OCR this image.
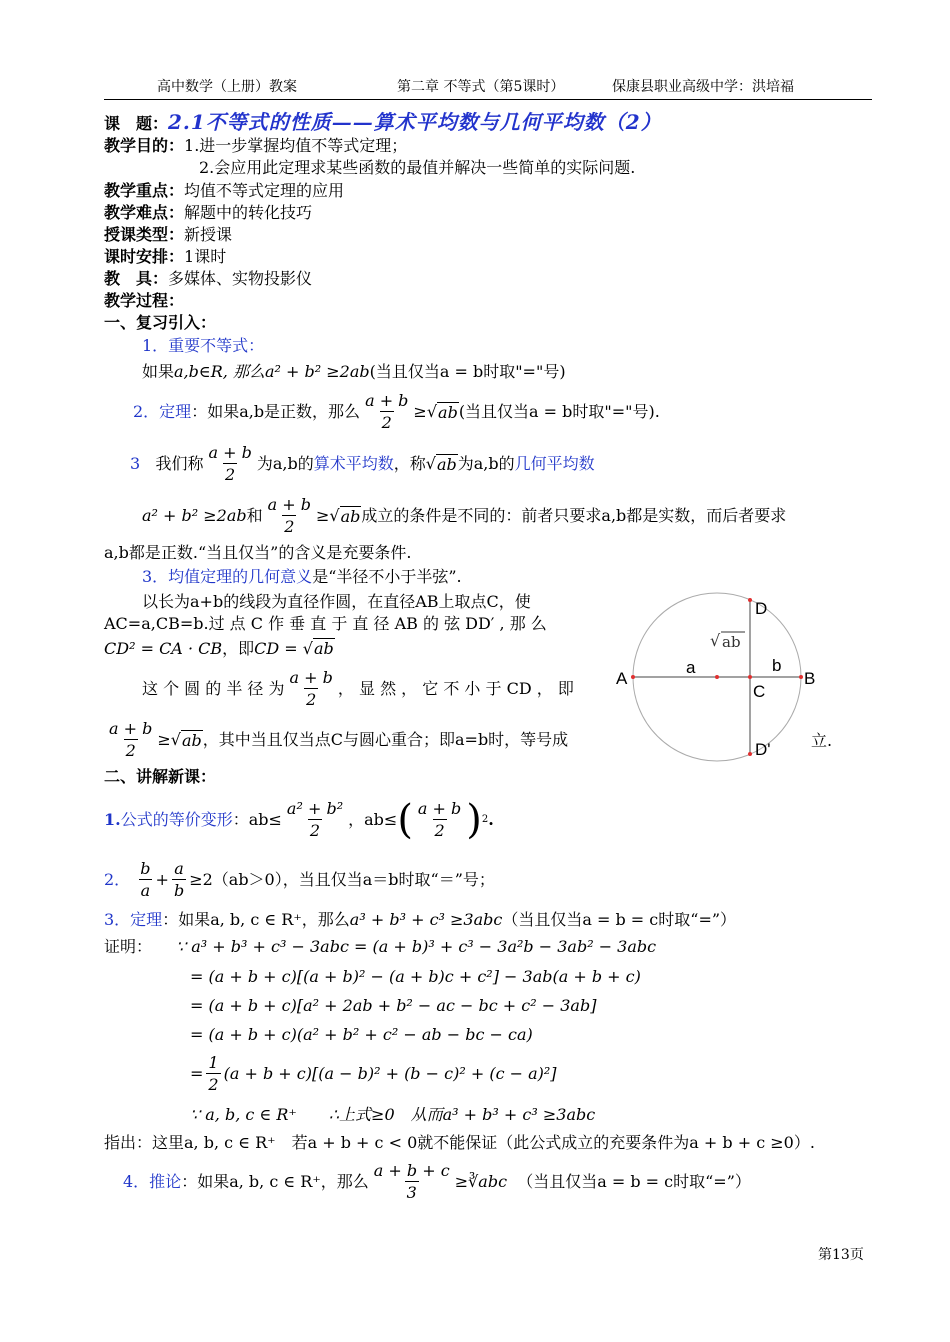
高中数学（上册）教案	第二章 不等式（第5课时）	保康县职业高级中学：洪培福
课　题：2.1不等式的性质——算术平均数与几何平均数（2）
教学目的：1.进一步掌握均值不等式定理；
2.会应用此定理求某些函数的最值并解决一些简单的实际问题.
教学重点：均值不等式定理的应用
教学难点：解题中的转化技巧
授课类型：新授课
课时安排：1课时
教　具：多媒体、实物投影仪
教学过程：
一、复习引入：
1．重要不等式：
如果a,b∈R, 那么a² + b² ≥2ab(当且仅当a = b时取"="号)
2．定理 ：如果a,b是正数，那么 $\frac{a + b}{2}$ ≥√ ab (当且仅当a = b时取"="号).
3
我们称 $\frac{a + b}{2}$ 为a,b的 算术平均数 ，称 √ ab 为a,b的 几何平均数
a² + b² ≥2ab 和 $\frac{a + b}{2}$ ≥√ ab 成立的条件是不同的：前者只要求a,b都是实数，而后者要求
a,b都是正数.“当且仅当”的含义是充要条件.
3．均值定理的几何意义是“半径不小于半弦”.
以长为a+b的线段为直径作圆，在直径AB上取点C，使
AC=a,CB=b.过 点 C 作 垂 直 于 直 径 AB 的 弦 DD′ , 那 么
CD² = CA · CB，即CD = √ab
这 个 圆 的 半 径 为 $\frac{a + b}{2}$ ， 显 然 ， 它 不 小 于 CD ， 即
$\frac{a + b}{2}$ ≥√ ab ，其中当且仅当点C与圆心重合；即a=b时，等号成	立.
D
D'
A	B
C
a	b
√ ab
二、讲解新课：
1. 公式的等价变形 ：$ab\le \frac{\text{a² + b²}}{2}$ ，ab≤ ( $\frac{a + b}{2}$ ) 2 .
2．
$\frac{b}{a} + \frac{a}{b} \ge 2(ab>0)$，当且仅当a＝b时取“＝”号；
3．定理：如果a, b, c ∈ R⁺，那么a³ + b³ + c³ ≥3abc（当且仅当a = b = c时取“=”）
证明： ∵ a³ + b³ + c³ − 3abc = (a + b)³ + c³ − 3a²b − 3ab² − 3abc
= (a + b + c)[(a + b)² − (a + b)c + c²] − 3ab(a + b + c)
= (a + b + c)[a² + 2ab + b² − ac − bc + c² − 3ab]
= (a + b + c)(a² + b² + c² − ab − bc − ca)
= $\frac{1}{2} (a + b + c) [(a - b)^2 + (b - c)^2 + (c - a)^2]$
∵ a, b, c ∈ R⁺　　∴上式≥0　从而a³ + b³ + c³ ≥3abc
指出：这里a, b, c ∈ R⁺　若a + b + c < 0就不能保证（此公式成立的充要条件为a + b + c ≥0）.
4．推论 ：如果a, b, c ∈ R⁺，那么 $\frac{a + b + c}{3}$ ≥∛abc
（当且仅当a = b = c时取“=”）
第13页
